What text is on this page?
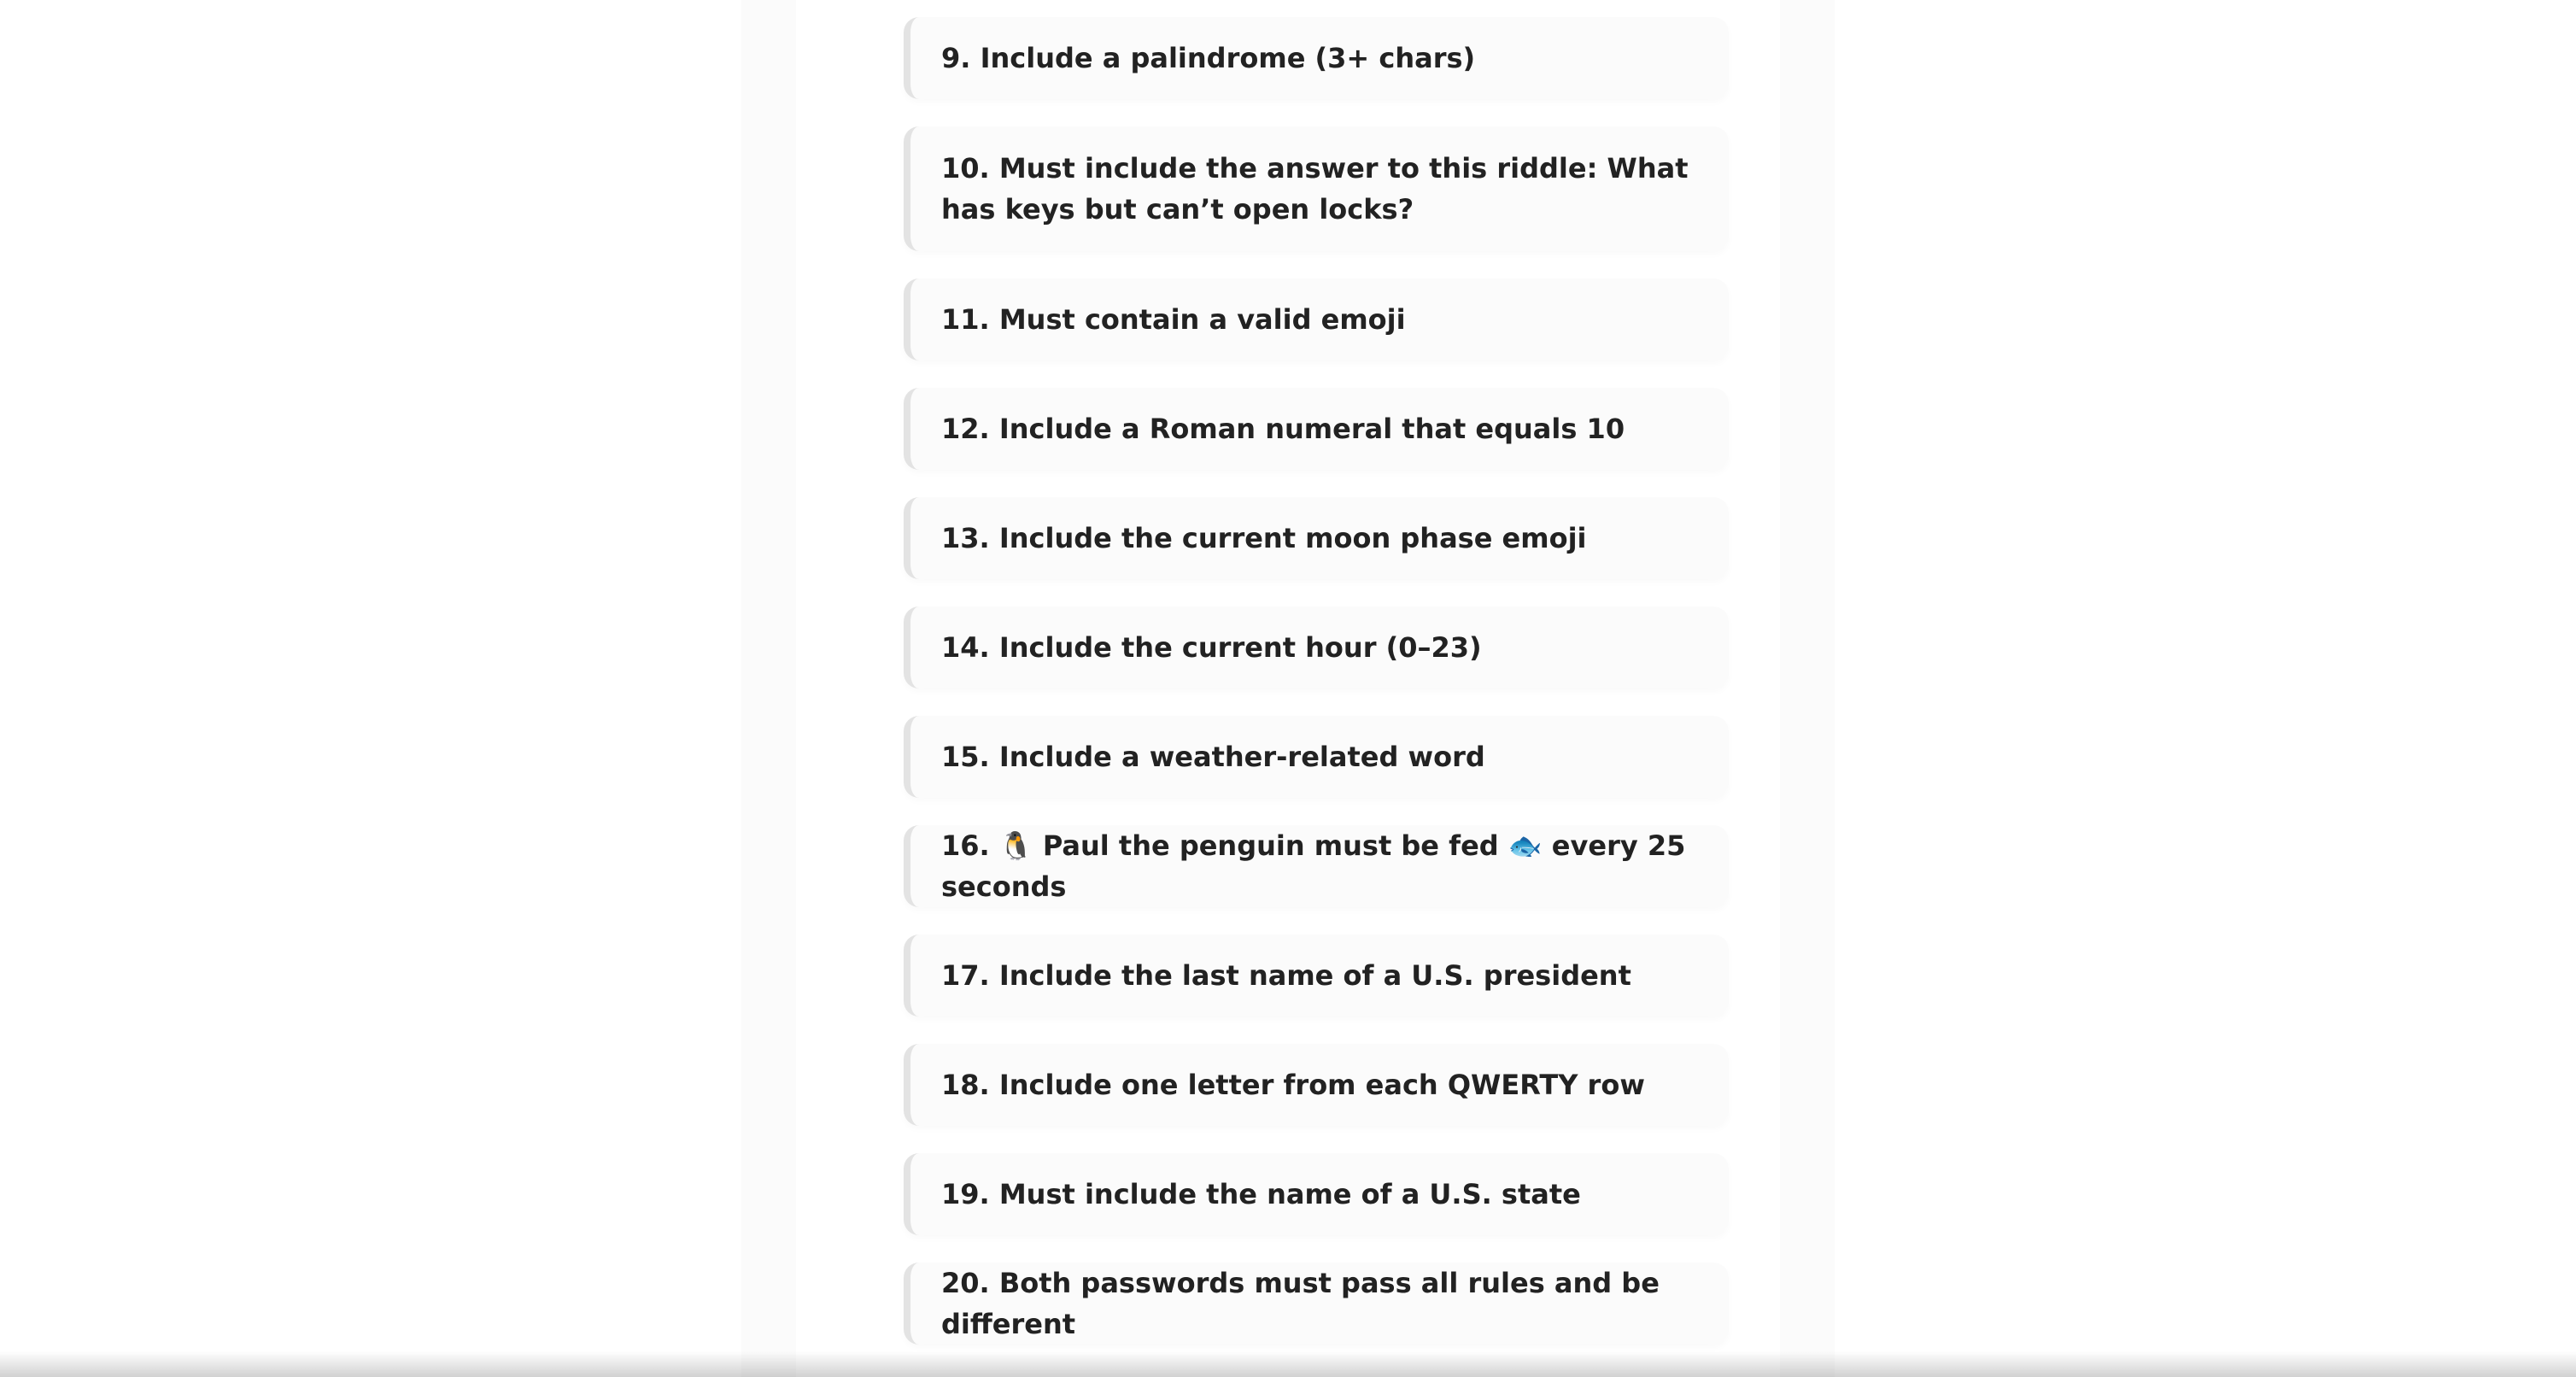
9. Include a palindrome (3+ chars)
10. Must include the answer to this riddle: What has keys but can’t open locks?
11. Must contain a valid emoji
12. Include a Roman numeral that equals 10
13. Include the current moon phase emoji
14. Include the current hour (0–23)
15. Include a weather-related word
16. 🐧 Paul the penguin must be fed 🐟 every 25 seconds
17. Include the last name of a U.S. president
18. Include one letter from each QWERTY row
19. Must include the name of a U.S. state
20. Both passwords must pass all rules and be different
